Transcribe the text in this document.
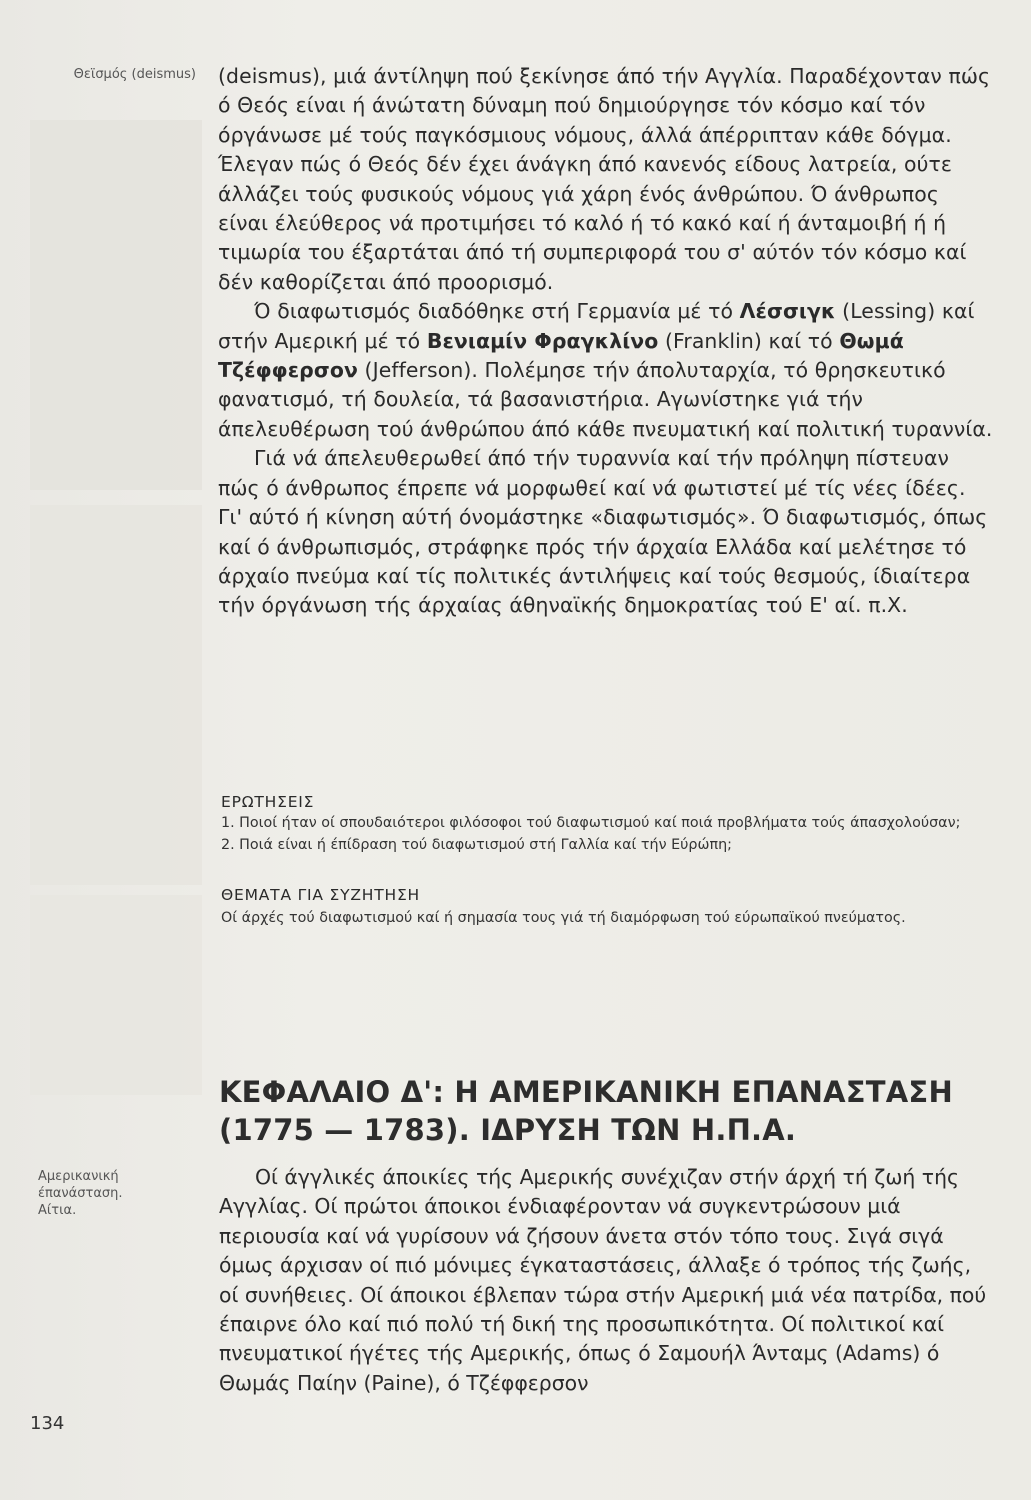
Θεϊσμός (deismus)
Αμερικανική
έπανάσταση.
Αίτια.

(deismus), μιά άντίληψη πού ξεκίνησε άπό τήν Αγγλία. Παραδέχονταν πώς ό Θεός είναι ή άνώτατη δύναμη πού δημιούργησε τόν κόσμο καί τόν όργάνωσε μέ τούς παγκόσμιους νόμους, άλλά άπέρριπταν κάθε δόγμα. Έλεγαν πώς ό Θεός δέν έχει άνάγκη άπό κανενός είδους λατρεία, ούτε άλλάζει τούς φυσικούς νόμους γιά χάρη ένός άνθρώπου. Ό άνθρωπος είναι έλεύθερος νά προτιμήσει τό καλό ή τό κακό καί ή άνταμοιβή ή ή τιμωρία του έξαρτάται άπό τή συμπεριφορά του σ' αύτόν τόν κόσμο καί δέν καθορίζεται άπό προορισμό.

Ό διαφωτισμός διαδόθηκε στή Γερμανία μέ τό Λέσσιγκ (Lessing) καί στήν Αμερική μέ τό Βενιαμίν Φραγκλίνο (Franklin) καί τό Θωμά Τζέφφερσον (Jefferson). Πολέμησε τήν άπολυταρχία, τό θρησκευτικό φανατισμό, τή δουλεία, τά βασανιστήρια. Αγωνίστηκε γιά τήν άπελευθέρωση τού άνθρώπου άπό κάθε πνευματική καί πολιτική τυραννία.

Γιά νά άπελευθερωθεί άπό τήν τυραννία καί τήν πρόληψη πίστευαν πώς ό άνθρωπος έπρεπε νά μορφωθεί καί νά φωτιστεί μέ τίς νέες ίδέες. Γι' αύτό ή κίνηση αύτή όνομάστηκε «διαφωτισμός». Ό διαφωτισμός, όπως καί ό άνθρωπισμός, στράφηκε πρός τήν άρχαία Ελλάδα καί μελέτησε τό άρχαίο πνεύμα καί τίς πολιτικές άντιλήψεις καί τούς θεσμούς, ίδιαίτερα τήν όργάνωση τής άρχαίας άθηναϊκής δημοκρατίας τού Ε' αί. π.Χ.

ΕΡΩΤΗΣΕΙΣ

1. Ποιοί ήταν οί σπουδαιότεροι φιλόσοφοι τού διαφωτισμού καί ποιά προβλήματα τούς άπασχολούσαν;

2. Ποιά είναι ή έπίδραση τού διαφωτισμού στή Γαλλία καί τήν Εύρώπη;

ΘΕΜΑΤΑ ΓΙΑ ΣΥΖΗΤΗΣΗ
Οί άρχές τού διαφωτισμού καί ή σημασία τους γιά τή διαμόρφωση τού εύρωπαϊκού πνεύματος.
ΚΕΦΑΛΑΙΟ Δ': Η ΑΜΕΡΙΚΑΝΙΚΗ ΕΠΑΝΑΣΤΑΣΗ
(1775 — 1783). ΙΔΡΥΣΗ ΤΩΝ Η.Π.Α.

Οί άγγλικές άποικίες τής Αμερικής συνέχιζαν στήν άρχή τή ζωή τής Αγγλίας. Οί πρώτοι άποικοι ένδιαφέρονταν νά συγκεντρώσουν μιά περιουσία καί νά γυρίσουν νά ζήσουν άνετα στόν τόπο τους. Σιγά σιγά όμως άρχισαν οί πιό μόνιμες έγκαταστάσεις, άλλαξε ό τρόπος τής ζωής, οί συνήθειες. Οί άποικοι έβλεπαν τώρα στήν Αμερική μιά νέα πατρίδα, πού έπαιρνε όλο καί πιό πολύ τή δική της προσωπικότητα. Οί πολιτικοί καί πνευματικοί ήγέτες τής Αμερικής, όπως ό Σαμουήλ Άνταμς (Adams) ό Θωμάς Παίην (Paine), ό Τζέφφερσον

134
